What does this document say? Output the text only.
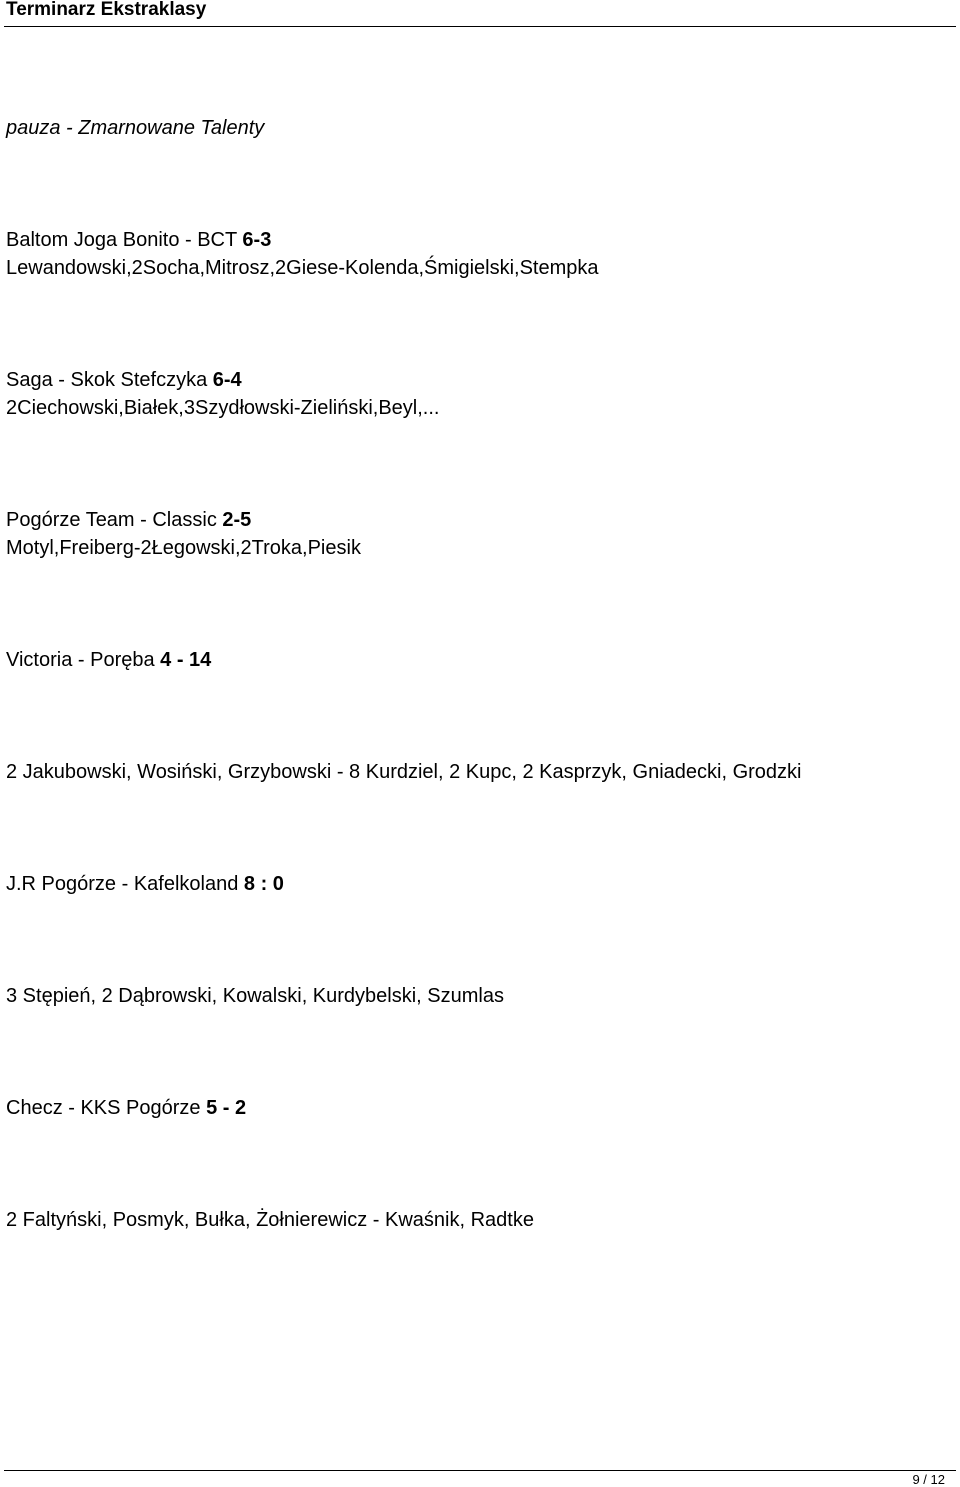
Terminarz Ekstraklasy
pauza - Zmarnowane Talenty
Baltom Joga Bonito - BCT 6-3
Lewandowski,2Socha,Mitrosz,2Giese-Kolenda,Śmigielski,Stempka
Saga - Skok Stefczyka 6-4
2Ciechowski,Białek,3Szydłowski-Zieliński,Beyl,...
Pogórze Team - Classic 2-5
Motyl,Freiberg-2Łegowski,2Troka,Piesik
Victoria - Poręba 4 - 14
2 Jakubowski, Wosiński, Grzybowski - 8 Kurdziel, 2 Kupc, 2 Kasprzyk, Gniadecki, Grodzki
J.R Pogórze - Kafelkoland 8 : 0
3 Stępień, 2 Dąbrowski, Kowalski, Kurdybelski, Szumlas
Checz - KKS Pogórze 5 - 2
2 Faltyński, Posmyk, Bułka, Żołnierewicz - Kwaśnik, Radtke
9 / 12
